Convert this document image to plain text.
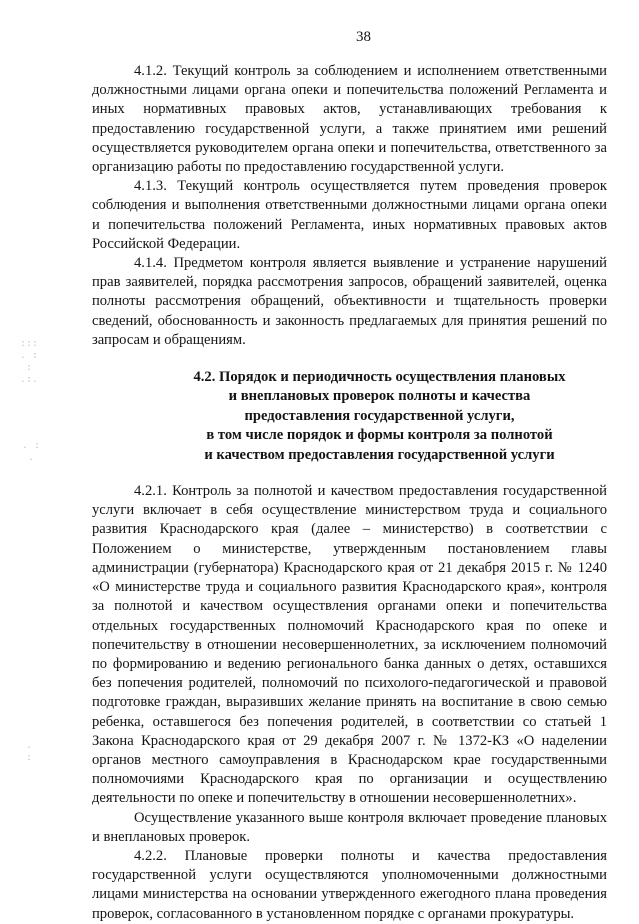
38

4.1.2. Текущий контроль за соблюдением и исполнением ответственными должностными лицами органа опеки и попечительства положений Регламента и иных нормативных правовых актов, устанавливающих требования к предоставлению государственной услуги, а также принятием ими решений осуществляется руководителем органа опеки и попечительства, ответственного за организацию работы по предоставлению государственной услуги.

4.1.3. Текущий контроль осуществляется путем проведения проверок соблюдения и выполнения ответственными должностными лицами органа опеки и попечительства положений Регламента, иных нормативных правовых актов Российской Федерации.

4.1.4. Предметом контроля является выявление и устранение нарушений прав заявителей, порядка рассмотрения запросов, обращений заявителей, оценка полноты рассмотрения обращений, объективности и тщательность проверки сведений, обоснованность и законность предлагаемых для принятия решений по запросам и обращениям.

4.2. Порядок и периодичность осуществления плановых
и внеплановых проверок полноты и качества
предоставления государственной услуги,
в том числе порядок и формы контроля за полнотой
и качеством предоставления государственной услуги

4.2.1. Контроль за полнотой и качеством предоставления государственной услуги включает в себя осуществление министерством труда и социального развития Краснодарского края (далее – министерство) в соответствии с Положением о министерстве, утвержденным постановлением главы администрации (губернатора) Краснодарского края от 21 декабря 2015 г. № 1240 «О министерстве труда и социального развития Краснодарского края», контроля за полнотой и качеством осуществления органами опеки и попечительства отдельных государственных полномочий Краснодарского края по опеке и попечительству в отношении несовершеннолетних, за исключением полномочий по формированию и ведению регионального банка данных о детях, оставшихся без попечения родителей, полномочий по психолого-педагогической и правовой подготовке граждан, выразивших желание принять на воспитание в свою семью ребенка, оставшегося без попечения родителей, в соответствии со статьей 1 Закона Краснодарского края от 29 декабря 2007 г. № 1372-КЗ «О наделении органов местного самоуправления в Краснодарском крае государственными полномочиями Краснодарского края по организации и осуществлению деятельности по опеке и попечительству в отношении несовершеннолетних».

Осуществление указанного выше контроля включает проведение плановых и внеплановых проверок.

4.2.2. Плановые проверки полноты и качества предоставления государственной услуги осуществляются уполномоченными должностными лицами министерства на основании утвержденного ежегодного плана проведения проверок, согласованного в установленном порядке с органами прокуратуры.

:::
. :
:
.:.
. :
.
.
:
